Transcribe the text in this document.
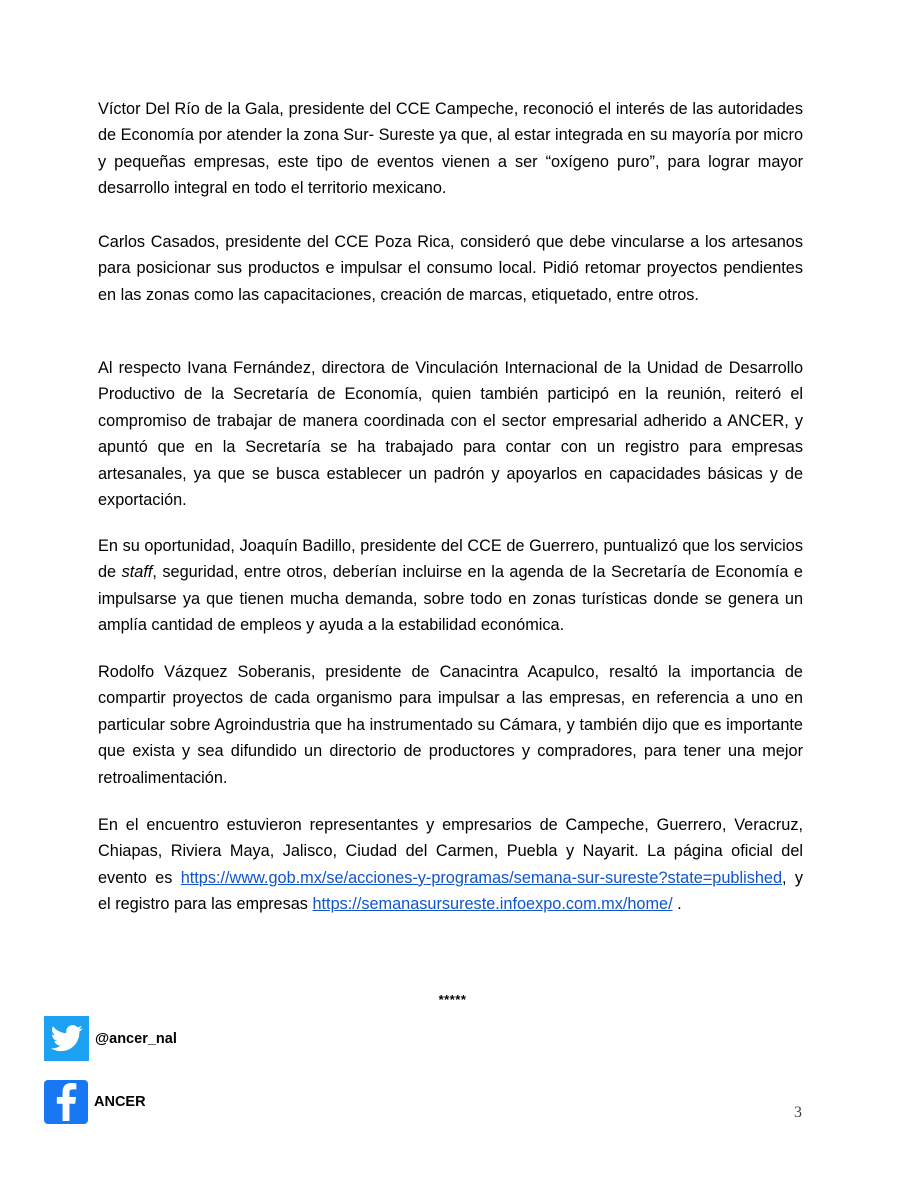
Víctor Del Río de la Gala, presidente del CCE Campeche, reconoció el interés de las autoridades de Economía por atender la zona Sur- Sureste ya que, al estar integrada en su mayoría por micro y pequeñas empresas, este tipo de eventos vienen a ser “oxígeno puro”, para lograr mayor desarrollo integral en todo el territorio mexicano.

Carlos Casados, presidente del CCE Poza Rica, consideró que debe vincularse a los artesanos para posicionar sus productos e impulsar el consumo local. Pidió retomar proyectos pendientes en las zonas como las capacitaciones, creación de marcas, etiquetado, entre otros.

Al respecto Ivana Fernández, directora de Vinculación Internacional de la Unidad de Desarrollo Productivo de la Secretaría de Economía, quien también participó en la reunión, reiteró el compromiso de trabajar de manera coordinada con el sector empresarial adherido a ANCER, y apuntó que en la Secretaría se ha trabajado para contar con un registro para empresas artesanales, ya que se busca establecer un padrón y apoyarlos en capacidades básicas y de exportación.

En su oportunidad, Joaquín Badillo, presidente del CCE de Guerrero, puntualizó que los servicios de staff, seguridad, entre otros, deberían incluirse en la agenda de la Secretaría de Economía e impulsarse ya que tienen mucha demanda, sobre todo en zonas turísticas donde se genera un amplía cantidad de empleos y ayuda a la estabilidad económica.

Rodolfo Vázquez Soberanis, presidente de Canacintra Acapulco, resaltó la importancia de compartir proyectos de cada organismo para impulsar a las empresas, en referencia a uno en particular sobre Agroindustria que ha instrumentado su Cámara, y también dijo que es importante que exista y sea difundido un directorio de productores y compradores, para tener una mejor retroalimentación.

En el encuentro estuvieron representantes y empresarios de Campeche, Guerrero, Veracruz, Chiapas, Riviera Maya, Jalisco, Ciudad del Carmen, Puebla y Nayarit. La página oficial del evento es https://www.gob.mx/se/acciones-y-programas/semana-sur-sureste?state=published, y el registro para las empresas https://semanasursureste.infoexpo.com.mx/home/ .

*****
@ancer_nal
ANCER
3
